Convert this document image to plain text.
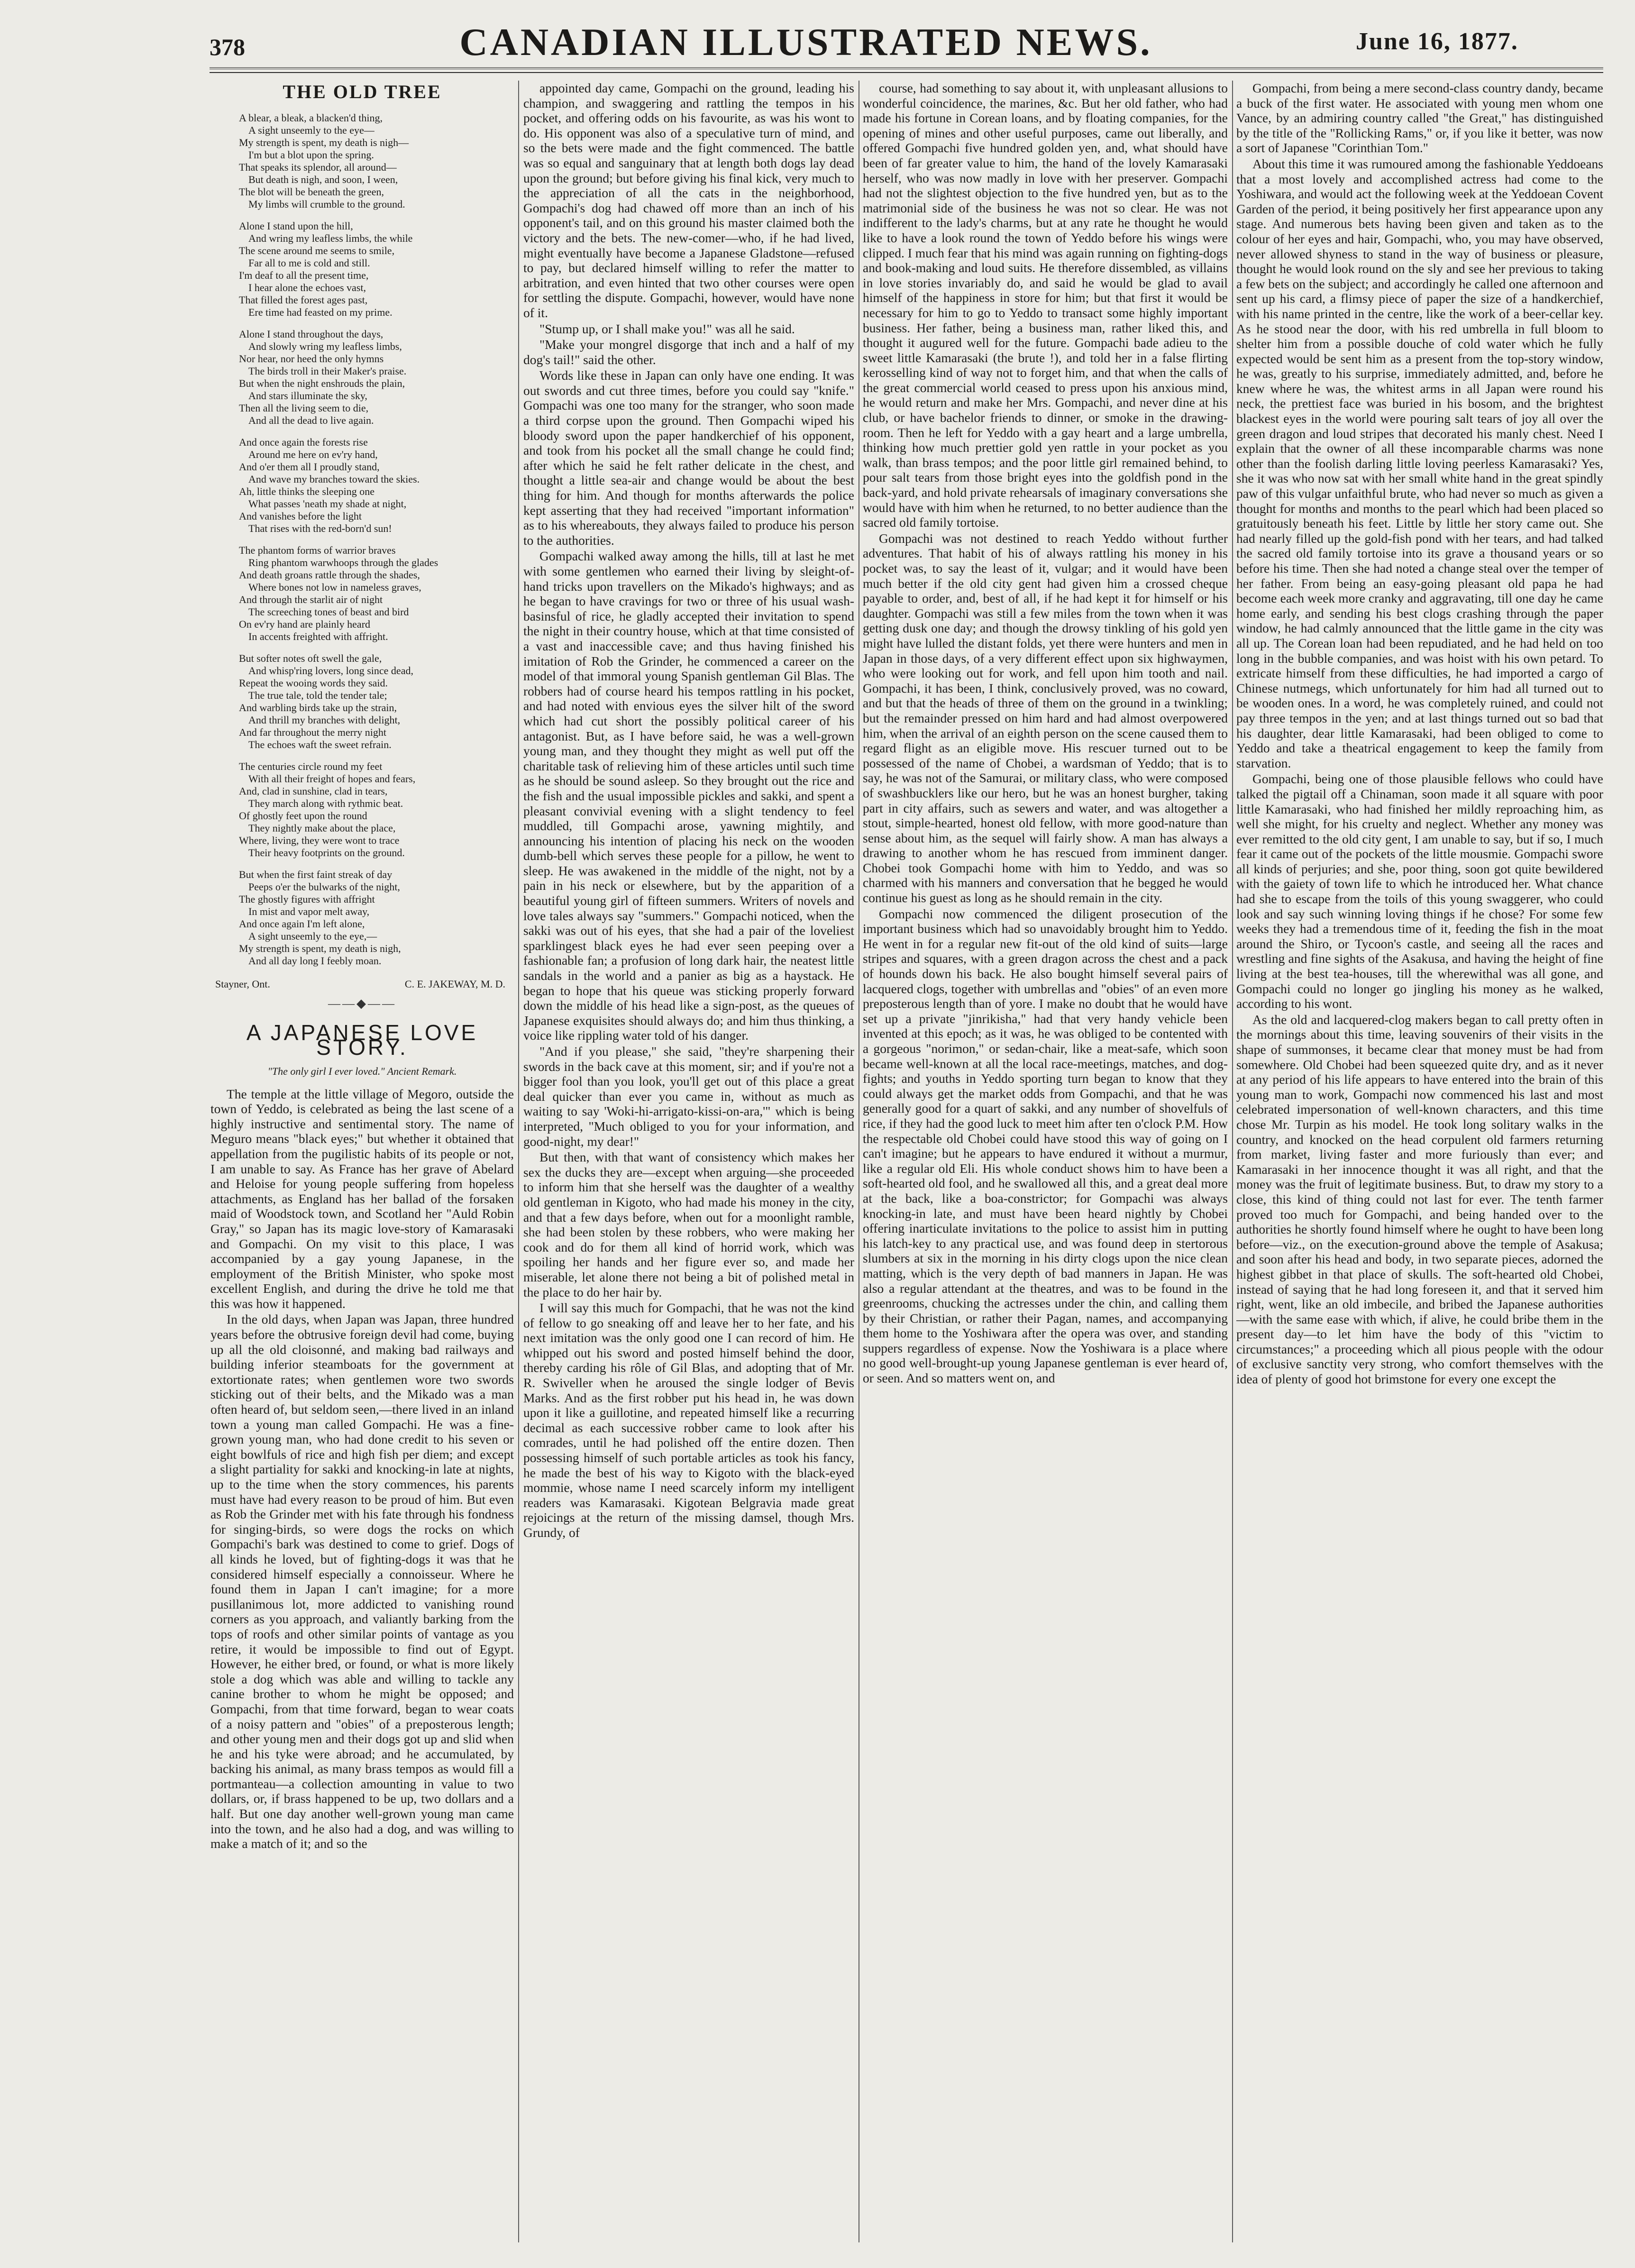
378	CANADIAN ILLUSTRATED NEWS.	June 16, 1877.
THE OLD TREE
A blear, a bleak, a blacken'd thing,
A sight unseemly to the eye—
My strength is spent, my death is nigh—
I'm but a blot upon the spring.
That speaks its splendor, all around—
But death is nigh, and soon, I ween,
The blot will be beneath the green,
My limbs will crumble to the ground.
Alone I stand upon the hill,
And wring my leafless limbs, the while
The scene around me seems to smile,
Far all to me is cold and still.
I'm deaf to all the present time,
I hear alone the echoes vast,
That filled the forest ages past,
Ere time had feasted on my prime.
Alone I stand throughout the days,
And slowly wring my leafless limbs,
Nor hear, nor heed the only hymns
The birds troll in their Maker's praise.
But when the night enshrouds the plain,
And stars illuminate the sky,
Then all the living seem to die,
And all the dead to live again.
And once again the forests rise
Around me here on ev'ry hand,
And o'er them all I proudly stand,
And wave my branches toward the skies.
Ah, little thinks the sleeping one
What passes 'neath my shade at night,
And vanishes before the light
That rises with the red-born'd sun!
The phantom forms of warrior braves
Ring phantom warwhoops through the glades
And death groans rattle through the shades,
Where bones not low in nameless graves,
And through the starlit air of night
The screeching tones of beast and bird
On ev'ry hand are plainly heard
In accents freighted with affright.
But softer notes oft swell the gale,
And whisp'ring lovers, long since dead,
Repeat the wooing words they said.
The true tale, told the tender tale;
And warbling birds take up the strain,
And thrill my branches with delight,
And far throughout the merry night
The echoes waft the sweet refrain.
The centuries circle round my feet
With all their freight of hopes and fears,
And, clad in sunshine, clad in tears,
They march along with rythmic beat.
Of ghostly feet upon the round
They nightly make about the place,
Where, living, they were wont to trace
Their heavy footprints on the ground.
But when the first faint streak of day
Peeps o'er the bulwarks of the night,
The ghostly figures with affright
In mist and vapor melt away,
And once again I'm left alone,
A sight unseemly to the eye,—
My strength is spent, my death is nigh,
And all day long I feebly moan.
Stayner, Ont.	C. E. JAKEWAY, M. D.
——◆——
A JAPANESE LOVE STORY.
"The only girl I ever loved." Ancient Remark.

The temple at the little village of Megoro, outside the town of Yeddo, is celebrated as being the last scene of a highly instructive and sentimental story. The name of Meguro means "black eyes;" but whether it obtained that appellation from the pugilistic habits of its people or not, I am unable to say. As France has her grave of Abelard and Heloise for young people suffering from hopeless attachments, as England has her ballad of the forsaken maid of Woodstock town, and Scotland her "Auld Robin Gray," so Japan has its magic love-story of Kamarasaki and Gompachi. On my visit to this place, I was accompanied by a gay young Japanese, in the employment of the British Minister, who spoke most excellent English, and during the drive he told me that this was how it happened.

In the old days, when Japan was Japan, three hundred years before the obtrusive foreign devil had come, buying up all the old cloisonné, and making bad railways and building inferior steamboats for the government at extortionate rates; when gentlemen wore two swords sticking out of their belts, and the Mikado was a man often heard of, but seldom seen,—there lived in an inland town a young man called Gompachi. He was a fine-grown young man, who had done credit to his seven or eight bowlfuls of rice and high fish per diem; and except a slight partiality for sakki and knocking-in late at nights, up to the time when the story commences, his parents must have had every reason to be proud of him. But even as Rob the Grinder met with his fate through his fondness for singing-birds, so were dogs the rocks on which Gompachi's bark was destined to come to grief. Dogs of all kinds he loved, but of fighting-dogs it was that he considered himself especially a connoisseur. Where he found them in Japan I can't imagine; for a more pusillanimous lot, more addicted to vanishing round corners as you approach, and valiantly barking from the tops of roofs and other similar points of vantage as you retire, it would be impossible to find out of Egypt. However, he either bred, or found, or what is more likely stole a dog which was able and willing to tackle any canine brother to whom he might be opposed; and Gompachi, from that time forward, began to wear coats of a noisy pattern and "obies" of a preposterous length; and other young men and their dogs got up and slid when he and his tyke were abroad; and he accumulated, by backing his animal, as many brass tempos as would fill a portmanteau—a collection amounting in value to two dollars, or, if brass happened to be up, two dollars and a half. But one day another well-grown young man came into the town, and he also had a dog, and was willing to make a match of it; and so the

appointed day came, Gompachi on the ground, leading his champion, and swaggering and rattling the tempos in his pocket, and offering odds on his favourite, as was his wont to do. His opponent was also of a speculative turn of mind, and so the bets were made and the fight commenced. The battle was so equal and sanguinary that at length both dogs lay dead upon the ground; but before giving his final kick, very much to the appreciation of all the cats in the neighborhood, Gompachi's dog had chawed off more than an inch of his opponent's tail, and on this ground his master claimed both the victory and the bets. The new-comer—who, if he had lived, might eventually have become a Japanese Gladstone—refused to pay, but declared himself willing to refer the matter to arbitration, and even hinted that two other courses were open for settling the dispute. Gompachi, however, would have none of it.

"Stump up, or I shall make you!" was all he said.

"Make your mongrel disgorge that inch and a half of my dog's tail!" said the other.

Words like these in Japan can only have one ending. It was out swords and cut three times, before you could say "knife." Gompachi was one too many for the stranger, who soon made a third corpse upon the ground. Then Gompachi wiped his bloody sword upon the paper handkerchief of his opponent, and took from his pocket all the small change he could find; after which he said he felt rather delicate in the chest, and thought a little sea-air and change would be about the best thing for him. And though for months afterwards the police kept asserting that they had received "important information" as to his whereabouts, they always failed to produce his person to the authorities.

Gompachi walked away among the hills, till at last he met with some gentlemen who earned their living by sleight-of-hand tricks upon travellers on the Mikado's highways; and as he began to have cravings for two or three of his usual wash-basinsful of rice, he gladly accepted their invitation to spend the night in their country house, which at that time consisted of a vast and inaccessible cave; and thus having finished his imitation of Rob the Grinder, he commenced a career on the model of that immoral young Spanish gentleman Gil Blas. The robbers had of course heard his tempos rattling in his pocket, and had noted with envious eyes the silver hilt of the sword which had cut short the possibly political career of his antagonist. But, as I have before said, he was a well-grown young man, and they thought they might as well put off the charitable task of relieving him of these articles until such time as he should be sound asleep. So they brought out the rice and the fish and the usual impossible pickles and sakki, and spent a pleasant convivial evening with a slight tendency to feel muddled, till Gompachi arose, yawning mightily, and announcing his intention of placing his neck on the wooden dumb-bell which serves these people for a pillow, he went to sleep. He was awakened in the middle of the night, not by a pain in his neck or elsewhere, but by the apparition of a beautiful young girl of fifteen summers. Writers of novels and love tales always say "summers." Gompachi noticed, when the sakki was out of his eyes, that she had a pair of the loveliest sparklingest black eyes he had ever seen peeping over a fashionable fan; a profusion of long dark hair, the neatest little sandals in the world and a panier as big as a haystack. He began to hope that his queue was sticking properly forward down the middle of his head like a sign-post, as the queues of Japanese exquisites should always do; and him thus thinking, a voice like rippling water told of his danger.

"And if you please," she said, "they're sharpening their swords in the back cave at this moment, sir; and if you're not a bigger fool than you look, you'll get out of this place a great deal quicker than ever you came in, without as much as waiting to say 'Woki-hi-arrigato-kissi-on-ara,'" which is being interpreted, "Much obliged to you for your information, and good-night, my dear!"

But then, with that want of consistency which makes her sex the ducks they are—except when arguing—she proceeded to inform him that she herself was the daughter of a wealthy old gentleman in Kigoto, who had made his money in the city, and that a few days before, when out for a moonlight ramble, she had been stolen by these robbers, who were making her cook and do for them all kind of horrid work, which was spoiling her hands and her figure ever so, and made her miserable, let alone there not being a bit of polished metal in the place to do her hair by.

I will say this much for Gompachi, that he was not the kind of fellow to go sneaking off and leave her to her fate, and his next imitation was the only good one I can record of him. He whipped out his sword and posted himself behind the door, thereby carding his rôle of Gil Blas, and adopting that of Mr. R. Swiveller when he aroused the single lodger of Bevis Marks. And as the first robber put his head in, he was down upon it like a guillotine, and repeated himself like a recurring decimal as each successive robber came to look after his comrades, until he had polished off the entire dozen. Then possessing himself of such portable articles as took his fancy, he made the best of his way to Kigoto with the black-eyed mommie, whose name I need scarcely inform my intelligent readers was Kamarasaki. Kigotean Belgravia made great rejoicings at the return of the missing damsel, though Mrs. Grundy, of

course, had something to say about it, with unpleasant allusions to wonderful coincidence, the marines, &c. But her old father, who had made his fortune in Corean loans, and by floating companies, for the opening of mines and other useful purposes, came out liberally, and offered Gompachi five hundred golden yen, and, what should have been of far greater value to him, the hand of the lovely Kamarasaki herself, who was now madly in love with her preserver. Gompachi had not the slightest objection to the five hundred yen, but as to the matrimonial side of the business he was not so clear. He was not indifferent to the lady's charms, but at any rate he thought he would like to have a look round the town of Yeddo before his wings were clipped. I much fear that his mind was again running on fighting-dogs and book-making and loud suits. He therefore dissembled, as villains in love stories invariably do, and said he would be glad to avail himself of the happiness in store for him; but that first it would be necessary for him to go to Yeddo to transact some highly important business. Her father, being a business man, rather liked this, and thought it augured well for the future. Gompachi bade adieu to the sweet little Kamarasaki (the brute !), and told her in a false flirting kerosselling kind of way not to forget him, and that when the calls of the great commercial world ceased to press upon his anxious mind, he would return and make her Mrs. Gompachi, and never dine at his club, or have bachelor friends to dinner, or smoke in the drawing-room. Then he left for Yeddo with a gay heart and a large umbrella, thinking how much prettier gold yen rattle in your pocket as you walk, than brass tempos; and the poor little girl remained behind, to pour salt tears from those bright eyes into the goldfish pond in the back-yard, and hold private rehearsals of imaginary conversations she would have with him when he returned, to no better audience than the sacred old family tortoise.

Gompachi was not destined to reach Yeddo without further adventures. That habit of his of always rattling his money in his pocket was, to say the least of it, vulgar; and it would have been much better if the old city gent had given him a crossed cheque payable to order, and, best of all, if he had kept it for himself or his daughter. Gompachi was still a few miles from the town when it was getting dusk one day; and though the drowsy tinkling of his gold yen might have lulled the distant folds, yet there were hunters and men in Japan in those days, of a very different effect upon six highwaymen, who were looking out for work, and fell upon him tooth and nail. Gompachi, it has been, I think, conclusively proved, was no coward, and but that the heads of three of them on the ground in a twinkling; but the remainder pressed on him hard and had almost overpowered him, when the arrival of an eighth person on the scene caused them to regard flight as an eligible move. His rescuer turned out to be possessed of the name of Chobei, a wardsman of Yeddo; that is to say, he was not of the Samurai, or military class, who were composed of swashbucklers like our hero, but he was an honest burgher, taking part in city affairs, such as sewers and water, and was altogether a stout, simple-hearted, honest old fellow, with more good-nature than sense about him, as the sequel will fairly show. A man has always a drawing to another whom he has rescued from imminent danger. Chobei took Gompachi home with him to Yeddo, and was so charmed with his manners and conversation that he begged he would continue his guest as long as he should remain in the city.

Gompachi now commenced the diligent prosecution of the important business which had so unavoidably brought him to Yeddo. He went in for a regular new fit-out of the old kind of suits—large stripes and squares, with a green dragon across the chest and a pack of hounds down his back. He also bought himself several pairs of lacquered clogs, together with umbrellas and "obies" of an even more preposterous length than of yore. I make no doubt that he would have set up a private "jinrikisha," had that very handy vehicle been invented at this epoch; as it was, he was obliged to be contented with a gorgeous "norimon," or sedan-chair, like a meat-safe, which soon became well-known at all the local race-meetings, matches, and dog-fights; and youths in Yeddo sporting turn began to know that they could always get the market odds from Gompachi, and that he was generally good for a quart of sakki, and any number of shovelfuls of rice, if they had the good luck to meet him after ten o'clock P.M. How the respectable old Chobei could have stood this way of going on I can't imagine; but he appears to have endured it without a murmur, like a regular old Eli. His whole conduct shows him to have been a soft-hearted old fool, and he swallowed all this, and a great deal more at the back, like a boa-constrictor; for Gompachi was always knocking-in late, and must have been heard nightly by Chobei offering inarticulate invitations to the police to assist him in putting his latch-key to any practical use, and was found deep in stertorous slumbers at six in the morning in his dirty clogs upon the nice clean matting, which is the very depth of bad manners in Japan. He was also a regular attendant at the theatres, and was to be found in the greenrooms, chucking the actresses under the chin, and calling them by their Christian, or rather their Pagan, names, and accompanying them home to the Yoshiwara after the opera was over, and standing suppers regardless of expense. Now the Yoshiwara is a place where no good well-brought-up young Japanese gentleman is ever heard of, or seen. And so matters went on, and

Gompachi, from being a mere second-class country dandy, became a buck of the first water. He associated with young men whom one Vance, by an admiring country called "the Great," has distinguished by the title of the "Rollicking Rams," or, if you like it better, was now a sort of Japanese "Corinthian Tom."

About this time it was rumoured among the fashionable Yeddoeans that a most lovely and accomplished actress had come to the Yoshiwara, and would act the following week at the Yeddoean Covent Garden of the period, it being positively her first appearance upon any stage. And numerous bets having been given and taken as to the colour of her eyes and hair, Gompachi, who, you may have observed, never allowed shyness to stand in the way of business or pleasure, thought he would look round on the sly and see her previous to taking a few bets on the subject; and accordingly he called one afternoon and sent up his card, a flimsy piece of paper the size of a handkerchief, with his name printed in the centre, like the work of a beer-cellar key. As he stood near the door, with his red umbrella in full bloom to shelter him from a possible douche of cold water which he fully expected would be sent him as a present from the top-story window, he was, greatly to his surprise, immediately admitted, and, before he knew where he was, the whitest arms in all Japan were round his neck, the prettiest face was buried in his bosom, and the brightest blackest eyes in the world were pouring salt tears of joy all over the green dragon and loud stripes that decorated his manly chest. Need I explain that the owner of all these incomparable charms was none other than the foolish darling little loving peerless Kamarasaki? Yes, she it was who now sat with her small white hand in the great spindly paw of this vulgar unfaithful brute, who had never so much as given a thought for months and months to the pearl which had been placed so gratuitously beneath his feet. Little by little her story came out. She had nearly filled up the gold-fish pond with her tears, and had talked the sacred old family tortoise into its grave a thousand years or so before his time. Then she had noted a change steal over the temper of her father. From being an easy-going pleasant old papa he had become each week more cranky and aggravating, till one day he came home early, and sending his best clogs crashing through the paper window, he had calmly announced that the little game in the city was all up. The Corean loan had been repudiated, and he had held on too long in the bubble companies, and was hoist with his own petard. To extricate himself from these difficulties, he had imported a cargo of Chinese nutmegs, which unfortunately for him had all turned out to be wooden ones. In a word, he was completely ruined, and could not pay three tempos in the yen; and at last things turned out so bad that his daughter, dear little Kamarasaki, had been obliged to come to Yeddo and take a theatrical engagement to keep the family from starvation.

Gompachi, being one of those plausible fellows who could have talked the pigtail off a Chinaman, soon made it all square with poor little Kamarasaki, who had finished her mildly reproaching him, as well she might, for his cruelty and neglect. Whether any money was ever remitted to the old city gent, I am unable to say, but if so, I much fear it came out of the pockets of the little mousmie. Gompachi swore all kinds of perjuries; and she, poor thing, soon got quite bewildered with the gaiety of town life to which he introduced her. What chance had she to escape from the toils of this young swaggerer, who could look and say such winning loving things if he chose? For some few weeks they had a tremendous time of it, feeding the fish in the moat around the Shiro, or Tycoon's castle, and seeing all the races and wrestling and fine sights of the Asakusa, and having the height of fine living at the best tea-houses, till the wherewithal was all gone, and Gompachi could no longer go jingling his money as he walked, according to his wont.

As the old and lacquered-clog makers began to call pretty often in the mornings about this time, leaving souvenirs of their visits in the shape of summonses, it became clear that money must be had from somewhere. Old Chobei had been squeezed quite dry, and as it never at any period of his life appears to have entered into the brain of this young man to work, Gompachi now commenced his last and most celebrated impersonation of well-known characters, and this time chose Mr. Turpin as his model. He took long solitary walks in the country, and knocked on the head corpulent old farmers returning from market, living faster and more furiously than ever; and Kamarasaki in her innocence thought it was all right, and that the money was the fruit of legitimate business. But, to draw my story to a close, this kind of thing could not last for ever. The tenth farmer proved too much for Gompachi, and being handed over to the authorities he shortly found himself where he ought to have been long before—viz., on the execution-ground above the temple of Asakusa; and soon after his head and body, in two separate pieces, adorned the highest gibbet in that place of skulls. The soft-hearted old Chobei, instead of saying that he had long foreseen it, and that it served him right, went, like an old imbecile, and bribed the Japanese authorities—with the same ease with which, if alive, he could bribe them in the present day—to let him have the body of this "victim to circumstances;" a proceeding which all pious people with the odour of exclusive sanctity very strong, who comfort themselves with the idea of plenty of good hot brimstone for every one except the
